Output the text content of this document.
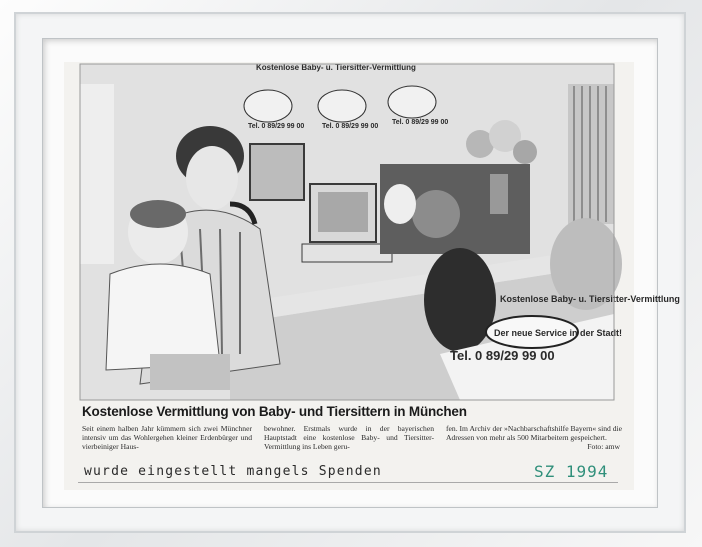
Kostenlose Baby- u. Tiersitter-Vermittlung
Tel. 0 89/29 99 00	Tel. 0 89/29 99 00
Tel. 0 89/29 99 00
Kostenlose Baby- u. Tiersitter-Vermittlung
Der neue Service in der Stadt!
Tel. 0 89/29 99 00
Kostenlose Vermittlung von Baby- und Tiersittern in München
Seit einem halben Jahr kümmern sich zwei Münchner intensiv um das Wohlergehen kleiner Erdenbürger und vierbeiniger Haus-
bewohner. Erstmals wurde in der bayerischen Hauptstadt eine kostenlose Baby- und Tiersitter-Vermittlung ins Leben geru-
fen. Im Archiv der »Nachbarschaftshilfe Bayern« sind die Adressen von mehr als 500 Mitarbeitern gespeichert.
Foto: amw
wurde eingestellt mangels Spenden	SZ 1994
